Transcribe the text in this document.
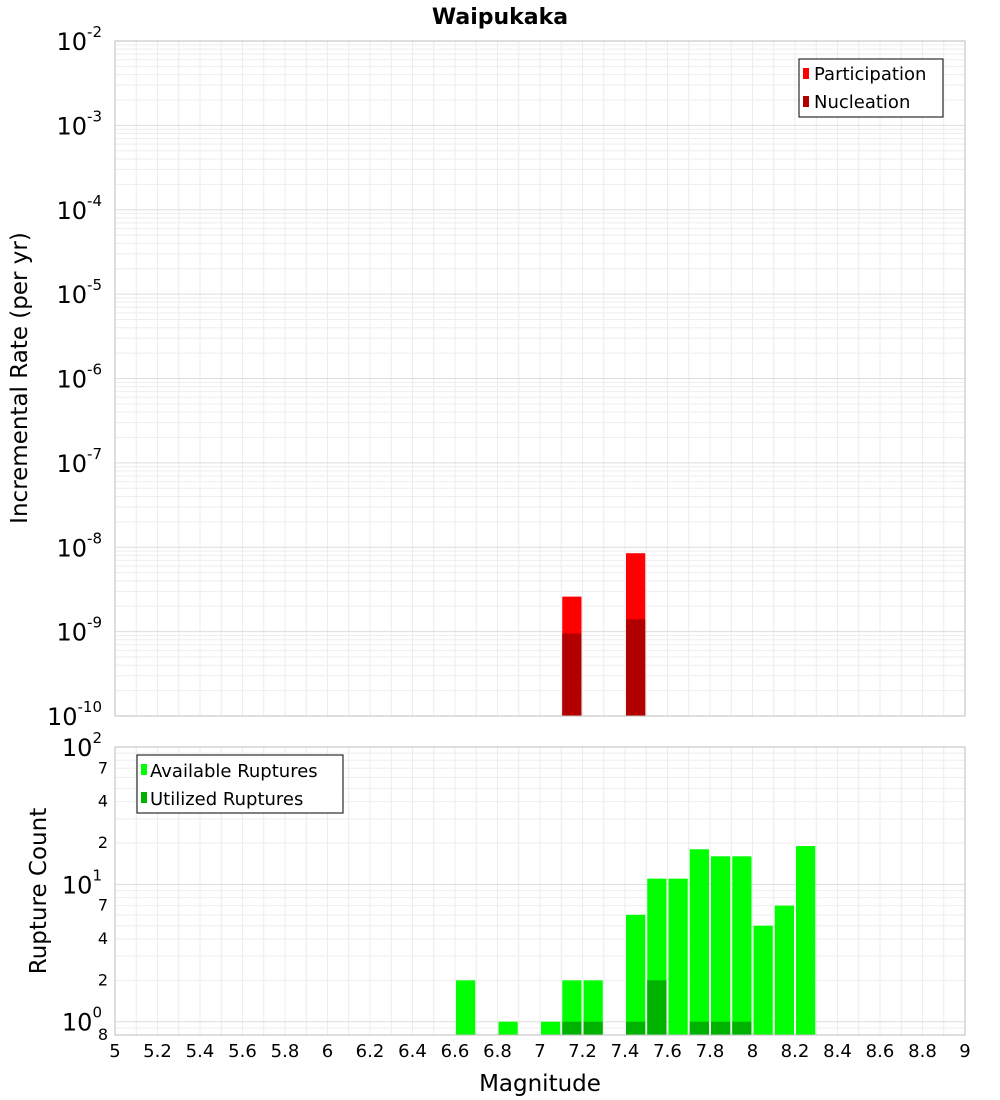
Waipukaka
$10^{-2}$
$10^{-3}$
$10^{-4}$
$10^{-5}$
$10^{-6}$
$10^{-7}$
$10^{-8}$
$10^{-9}$
$10^{-10}$
Incremental Rate (per yr)
Participation
Nucleation
$10^2$
7
4
2
$10^1$
7
4
2
$10^0$
8
5 5.2 5.4 5.6 5.8 6 6.2 6.4 6.6 6.8 7 7.2 7.4 7.6 7.8 8 8.2 8.4 8.6 8.8 9
Rupture Count
Magnitude
Available Ruptures
Utilized Ruptures
